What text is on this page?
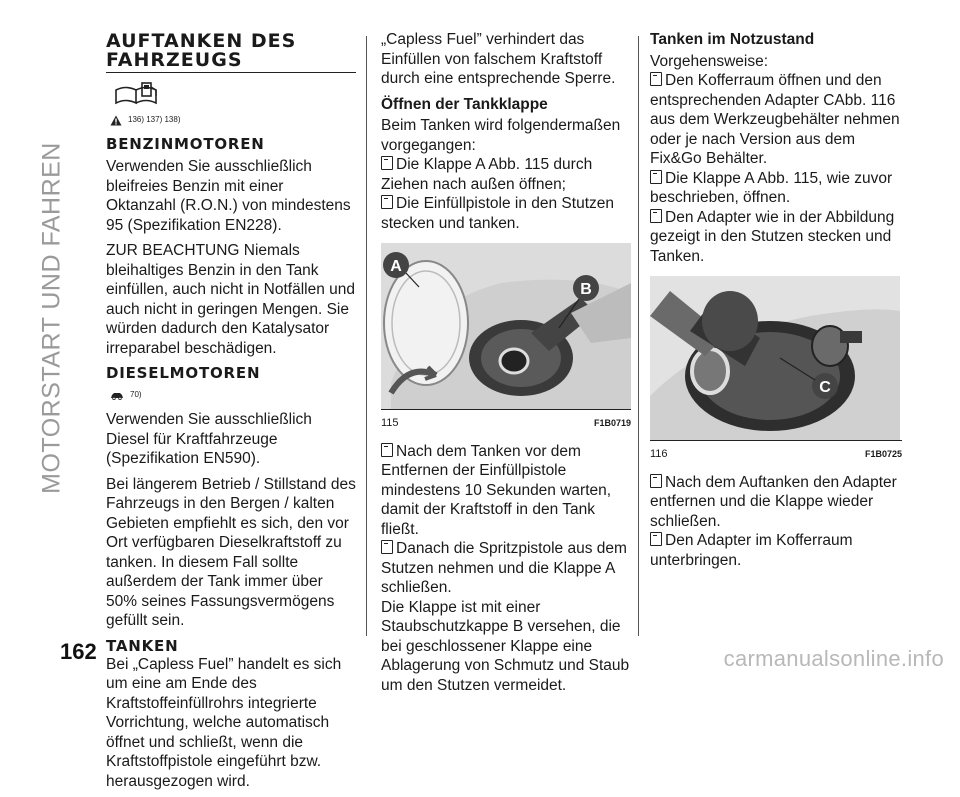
MOTORSTART UND FAHREN
AUFTANKEN DES
FAHRZEUGS
136) 137) 138)
BENZINMOTOREN

Verwenden Sie ausschließlich bleifreies Benzin mit einer Oktanzahl (R.O.N.) von mindestens 95 (Spezifikation EN228).

ZUR BEACHTUNG Niemals bleihaltiges Benzin in den Tank einfüllen, auch nicht in Notfällen und auch nicht in geringen Mengen. Sie würden dadurch den Katalysator irreparabel beschädigen.

DIESELMOTOREN
70)

Verwenden Sie ausschließlich Diesel für Kraftfahrzeuge (Spezifikation EN590).

Bei längerem Betrieb / Stillstand des Fahrzeugs in den Bergen / kalten Gebieten empfiehlt es sich, den vor Ort verfügbaren Dieselkraftstoff zu tanken. In diesem Fall sollte außerdem der Tank immer über 50% seines Fassungsvermögens gefüllt sein.

TANKEN

Bei „Capless Fuel” handelt es sich um eine am Ende des Kraftstoffeinfüllrohrs integrierte Vorrichtung, welche automatisch öffnet und schließt, wenn die Kraftstoffpistole eingeführt bzw. herausgezogen wird.

„Capless Fuel” verhindert das Einfüllen von falschem Kraftstoff durch eine entsprechende Sperre.

Öffnen der Tankklappe

Beim Tanken wird folgendermaßen vorgegangen:

Die Klappe A Abb. 115 durch Ziehen nach außen öffnen;

Die Einfüllpistole in den Stutzen stecken und tanken.

A
B
115	F1B0719

Nach dem Tanken vor dem Entfernen der Einfüllpistole mindestens 10 Sekunden warten, damit der Kraftstoff in den Tank fließt.

Danach die Spritzpistole aus dem Stutzen nehmen und die Klappe A schließen.

Die Klappe ist mit einer Staubschutzkappe B versehen, die bei geschlossener Klappe eine Ablagerung von Schmutz und Staub um den Stutzen vermeidet.

Tanken im Notzustand

Vorgehensweise:

Den Kofferraum öffnen und den entsprechenden Adapter CAbb. 116 aus dem Werkzeugbehälter nehmen oder je nach Version aus dem Fix&Go Behälter.

Die Klappe A Abb. 115, wie zuvor beschrieben, öffnen.

Den Adapter wie in der Abbildung gezeigt in den Stutzen stecken und Tanken.

C
116	F1B0725

Nach dem Auftanken den Adapter entfernen und die Klappe wieder schließen.

Den Adapter im Kofferraum unterbringen.

162	carmanualsonline.info
